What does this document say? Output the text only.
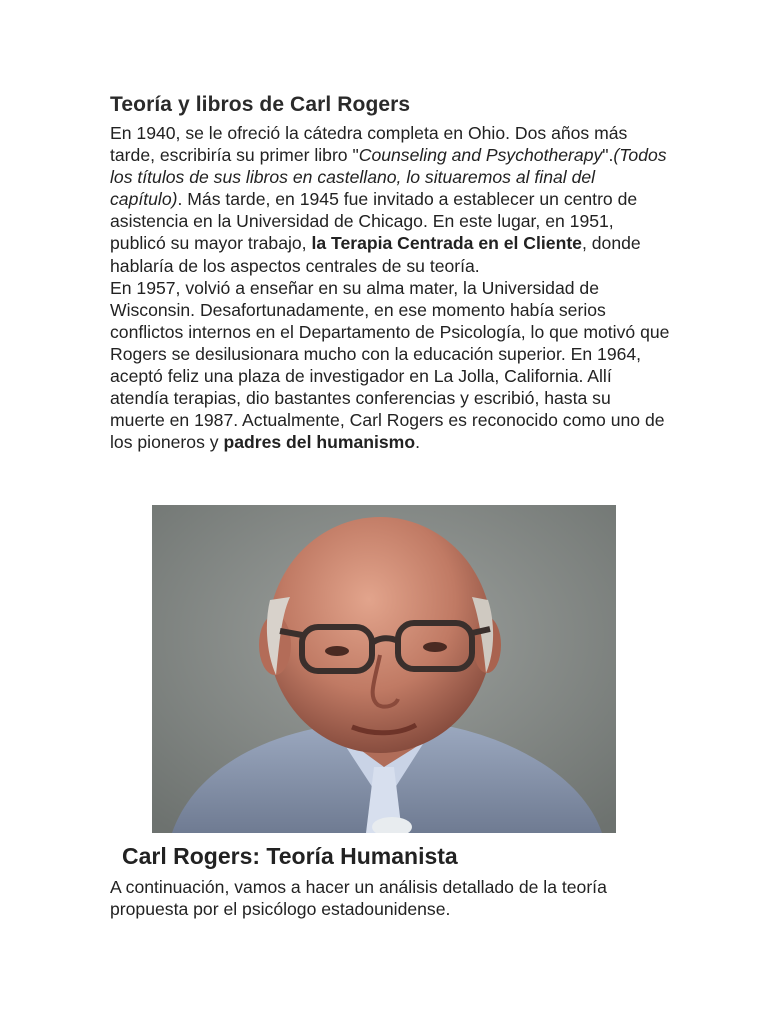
Teoría y libros de Carl Rogers

En 1940, se le ofreció la cátedra completa en Ohio. Dos años más tarde, escribiría su primer libro "Counseling and Psychotherapy".(Todos los títulos de sus libros en castellano, lo situaremos al final del capítulo). Más tarde, en 1945 fue invitado a establecer un centro de asistencia en la Universidad de Chicago. En este lugar, en 1951, publicó su mayor trabajo, la Terapia Centrada en el Cliente, donde hablaría de los aspectos centrales de su teoría.

En 1957, volvió a enseñar en su alma mater, la Universidad de Wisconsin. Desafortunadamente, en ese momento había serios conflictos internos en el Departamento de Psicología, lo que motivó que Rogers se desilusionara mucho con la educación superior. En 1964, aceptó feliz una plaza de investigador en La Jolla, California. Allí atendía terapias, dio bastantes conferencias y escribió, hasta su muerte en 1987. Actualmente, Carl Rogers es reconocido como uno de los pioneros y padres del humanismo.

Carl Rogers: Teoría Humanista

A continuación, vamos a hacer un análisis detallado de la teoría propuesta por el psicólogo estadounidense.
